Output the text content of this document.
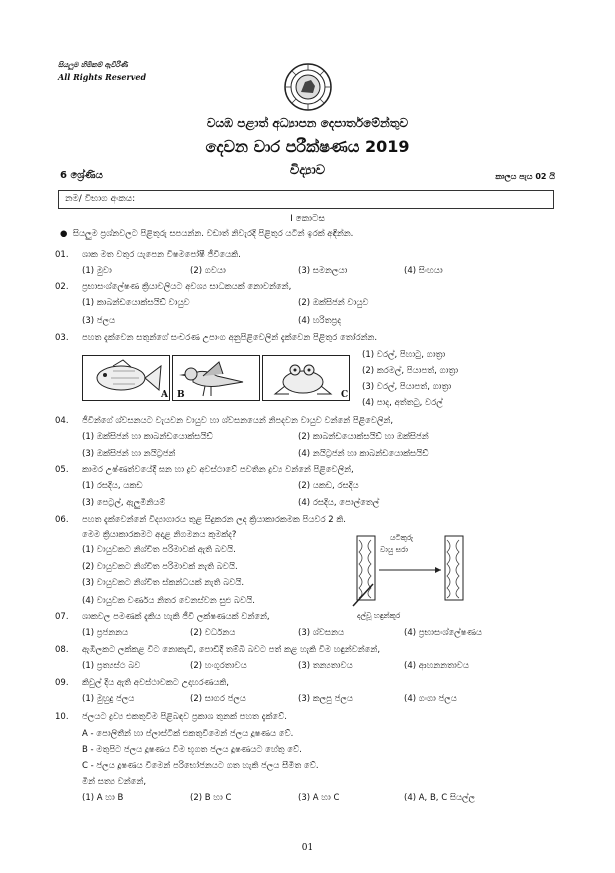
සියලුම හිමිකම් ඇවිරිණි
All Rights Reserved
වයඹ පළාත් අධ්‍යාපන දෙපාර්තමේන්තුව
දෙවන වාර පරීක්ෂණය 2019
විද්‍යාව
6 ශ්‍රේණිය	කාලය පැය 02 යි
නම/ විභාග අංකය:
I කොටස
●  සියලුම ප්‍රශ්නවලට පිළිතුරු සපයන්න. වඩාත් නිවැරදි පිළිතුර යටින් ඉරක් අඳින්න.
01. ශාක මත වතුර යැපෙන විෂමපෝෂී ජීවියෙකි.
(1) මුවා	(2) ගවයා	(3) සමනලයා	(4) සිංහයා
02. ප්‍රභාසංශ්ලේෂණ ක්‍රියාවලියට අවශ්‍ය සාධකයක් නොවන්නේ,
(1) කාබන්ඩයොක්සයිඩ් වායුව	(2) ඔක්සිජන් වායුව
(3) ජලය	(4) හරිතප්‍රද
03. පහත දැක්වෙන සතුන්ගේ සංචරණ උපාංග අනුපිළිවෙලින් දැක්වෙන පිළිතුර තෝරන්න.
A B	C
(1) වරල්, පිහාටු, ගාත්‍රා
(2) කරමල්, පියාපත්, ගාත්‍රා
(3) වරල්, පියාපත්, ගාත්‍රා
(4) පාද, අත්තටු, වරල්
04. ජීවීන්ගේ ශ්වසනයට වැයවන වායුව හා ශ්වසනයෙන් නිපදවන වායුව වන්නේ පිළිවෙලින්,
(1) ඔක්සිජන් හා කාබන්ඩයොක්සයිඩ්	(2) කාබන්ඩයොක්සයිඩ් හා ඔක්සිජන්
(3) ඔක්සිජන් හා නයිට්‍රජන්	(4) නයිට්‍රජන් හා කාබන්ඩයොක්සයිඩ්
05. කාමර උෂ්ණත්වයේදී ඝන හා ද්‍රව අවස්ථාවේ පවතින ද්‍රව්‍ය වන්නේ පිළිවෙලින්,
(1) රසදිය, යකඩ	(2) යකඩ, රසදිය
(3) පෙට්‍රල්, ඇලුමිනියම්	(4) රසදිය, පොල්තෙල්
06. පහත දැක්වෙන්නේ විද්‍යාගාරය තුළ සිදුකරන ලද ක්‍රියාකාරකමක පියවර 2 කි.
මෙම ක්‍රියාකාරකමට අදාළ නිගමනය කුමක්ද?
(1) වායුවකට නිශ්චිත පරිමාවක් ඇති බවයි.
(2) වායුවකට නිශ්චිත පරිමාවක් නැති බවයි.
(3) වායුවකට නිශ්චිත ස්කන්ධයක් නැති බවයි.
(4) වායුවක වර්ණය නිතර වෙනස්වන සුළු බවයි.
යටිකුරු
වායු සරා
දල්වූ හඳුන්කූර
07. ශාකවල පමණක් දැකිය හැකි ජීවී ලක්ෂණයක් වන්නේ,
(1) ප්‍රජනනය	(2) වර්ධනය	(3) ශ්වසනය	(4) ප්‍රභාසංශ්ලේෂණය
08. ඇඹිලකට ලක්කළ විට නොකැඩී, පොඩිදී තම්බි බවට පත් කළ හැකි වීම හඳුන්වන්නේ,
(1) ප්‍රත්‍යස්ථ බව	(2) හංගුරතාවය	(3) තන්‍යතාවය	(4) ආහනනතාවය
09. කිවුල් දිය ඇති අවස්ථාවකට උදාහරණයකි,
(1) මුහුදු ජලය	(2) සාගර ජලය	(3) කලපු ජලය	(4) ගංගා ජලය
10. ජලයට ද්‍රව්‍ය එකතුවීම පිළිබඳව ප්‍රකාශ තුනක් පහත දැක්වේ.
A - පොලිතීන් හා ප්ලාස්ටික් එකතුවීමෙන් ජලය දූෂණය වේ.
B - මතුපිට ජලය දූෂණය වීම භූගත ජලය දූෂණයට හේතු වේ.
C - ජලය දූෂණය වීමෙන් පරිභෝජනයට ගත හැකි ජලය සීමිත වේ.
මින් සත්‍ය වන්නේ,
(1) A හා B	(2) B හා C	(3) A හා C	(4) A, B, C සියල්ල
01
